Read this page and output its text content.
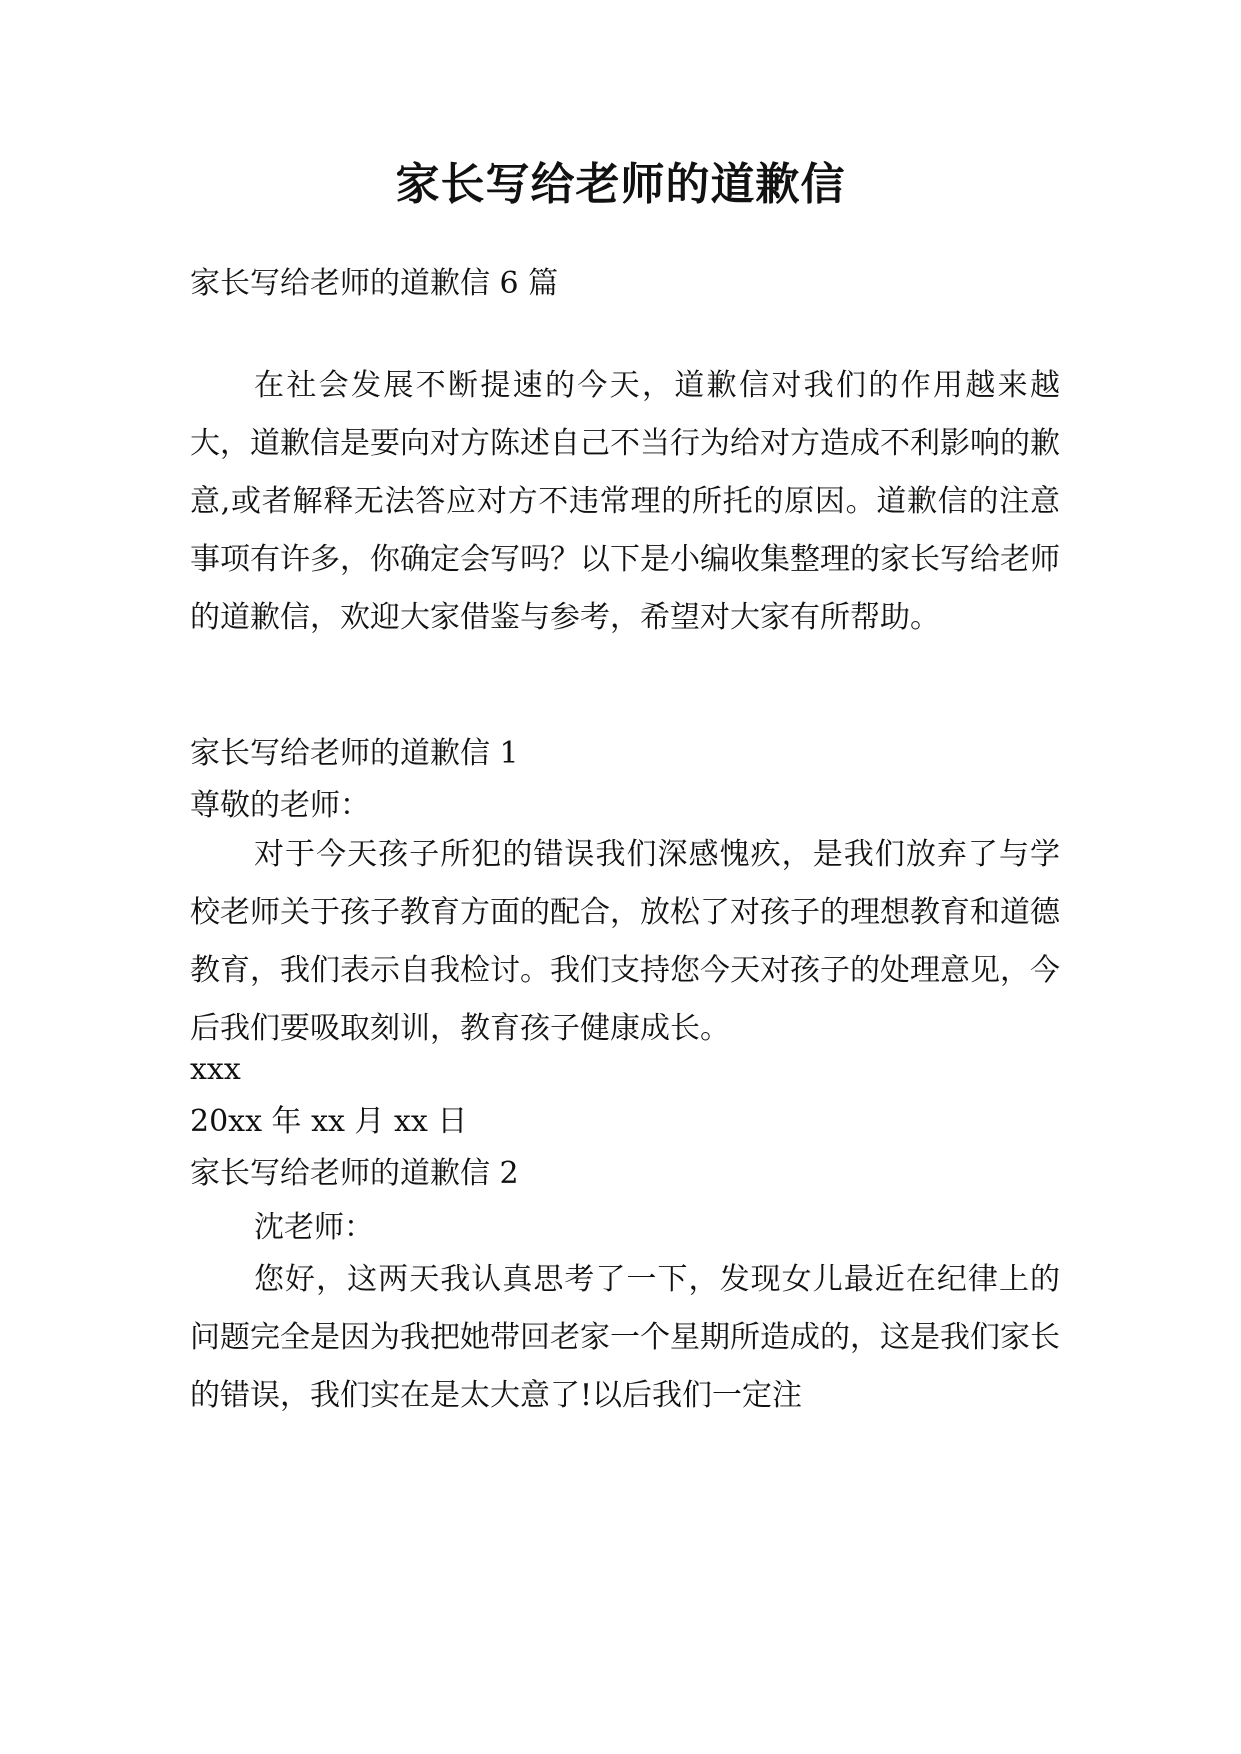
家长写给老师的道歉信

家长写给老师的道歉信 6 篇

在社会发展不断提速的今天，道歉信对我们的作用越来越大，道歉信是要向对方陈述自己不当行为给对方造成不利影响的歉意,或者解释无法答应对方不违常理的所托的原因。道歉信的注意事项有许多，你确定会写吗？以下是小编收集整理的家长写给老师的道歉信，欢迎大家借鉴与参考，希望对大家有所帮助。

家长写给老师的道歉信 1

尊敬的老师：

对于今天孩子所犯的错误我们深感愧疚，是我们放弃了与学校老师关于孩子教育方面的配合，放松了对孩子的理想教育和道德教育，我们表示自我检讨。我们支持您今天对孩子的处理意见，今后我们要吸取刻训，教育孩子健康成长。

xxx

20xx 年 xx 月 xx 日

家长写给老师的道歉信 2

沈老师：

您好，这两天我认真思考了一下，发现女儿最近在纪律上的问题完全是因为我把她带回老家一个星期所造成的，这是我们家长的错误，我们实在是太大意了!以后我们一定注
